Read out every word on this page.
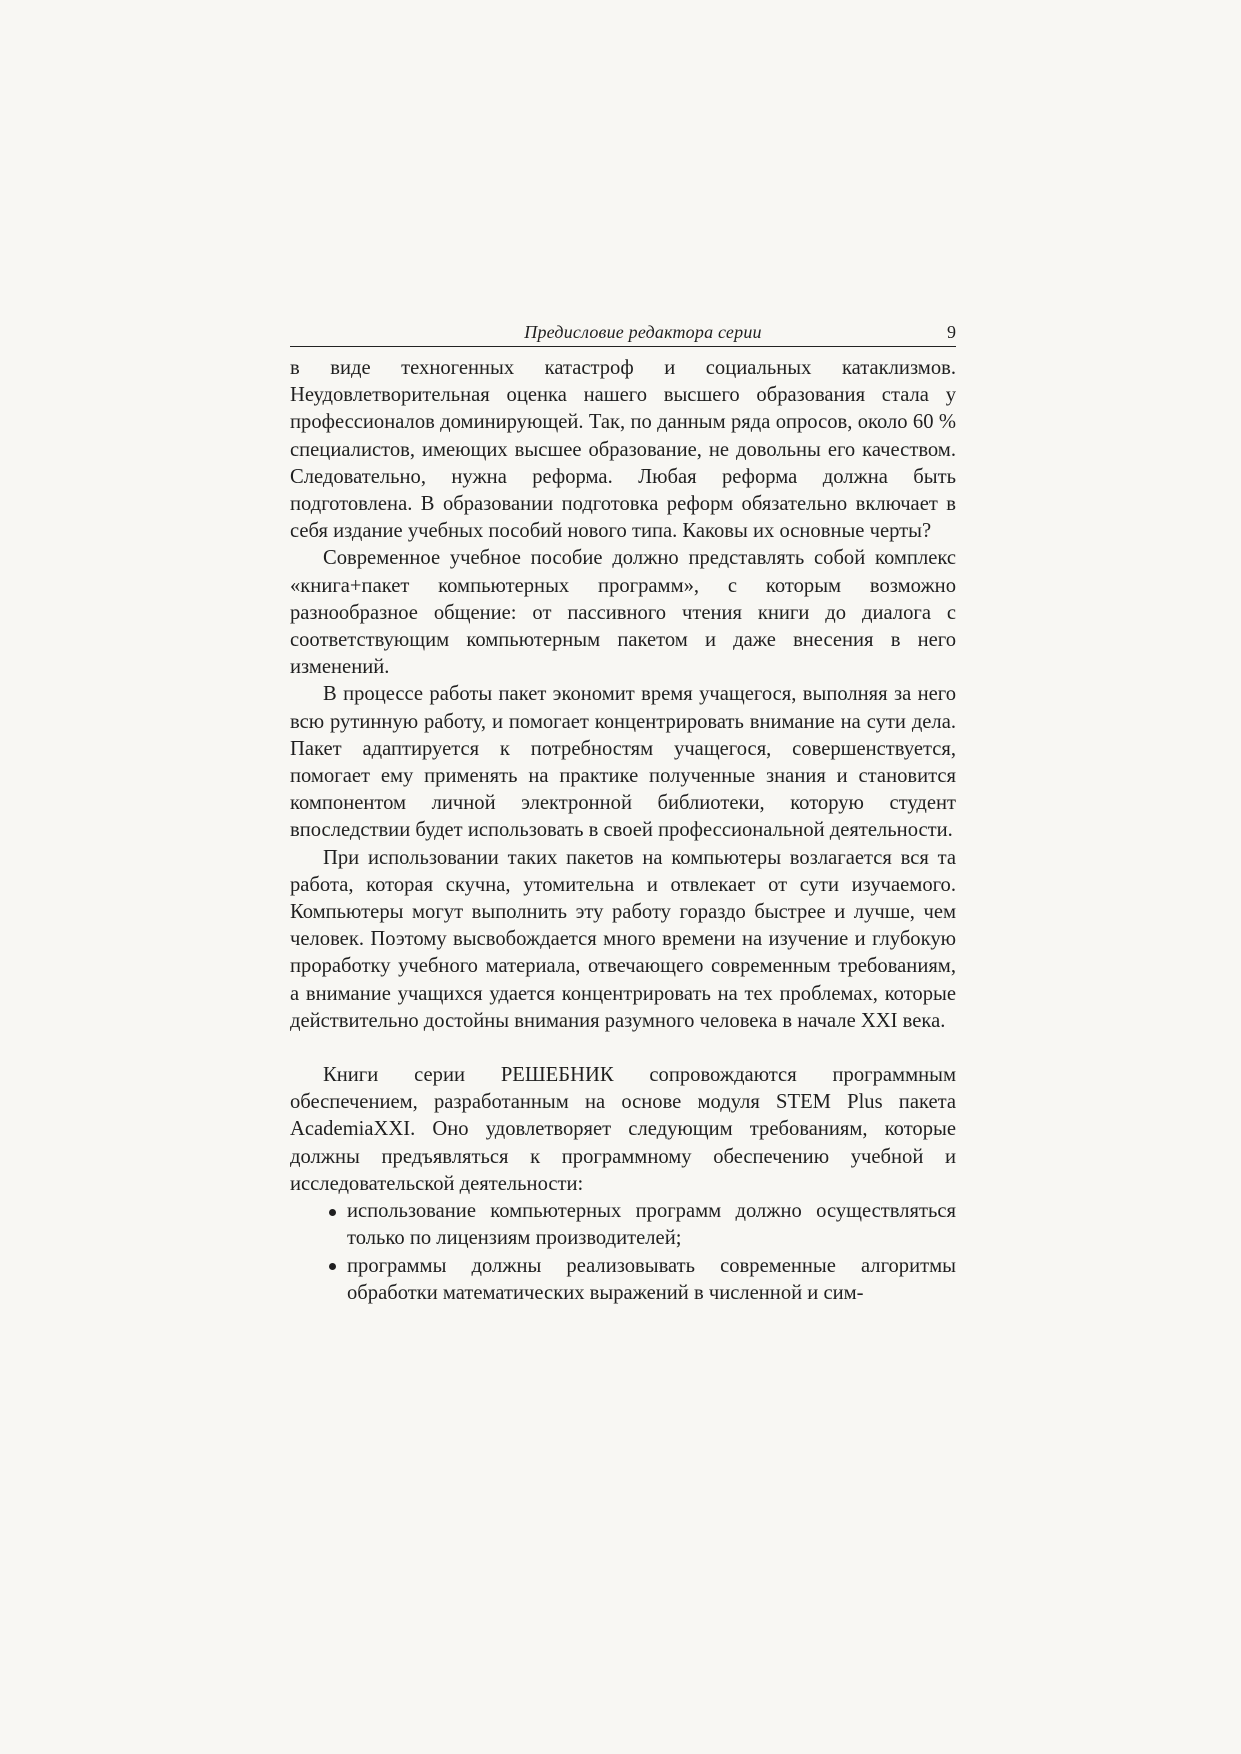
Предисловие редактора серии	9

в виде техногенных катастроф и социальных катаклизмов. Неудовлетворительная оценка нашего высшего образования стала у профессионалов доминирующей. Так, по данным ряда опросов, около 60 % специалистов, имеющих высшее образование, не довольны его качеством. Следовательно, нужна реформа. Любая реформа должна быть подготовлена. В образовании подготовка реформ обязательно включает в себя издание учебных пособий нового типа. Каковы их основные черты?

Современное учебное пособие должно представлять собой комплекс «книга+пакет компьютерных программ», с которым возможно разнообразное общение: от пассивного чтения книги до диалога с соответствующим компьютерным пакетом и даже внесения в него изменений.

В процессе работы пакет экономит время учащегося, выполняя за него всю рутинную работу, и помогает концентрировать внимание на сути дела. Пакет адаптируется к потребностям учащегося, совершенствуется, помогает ему применять на практике полученные знания и становится компонентом личной электронной библиотеки, которую студент впоследствии будет использовать в своей профессиональной деятельности.

При использовании таких пакетов на компьютеры возлагается вся та работа, которая скучна, утомительна и отвлекает от сути изучаемого. Компьютеры могут выполнить эту работу гораздо быстрее и лучше, чем человек. Поэтому высвобождается много времени на изучение и глубокую проработку учебного материала, отвечающего современным требованиям, а внимание учащихся удается концентрировать на тех проблемах, которые действительно достойны внимания разумного человека в начале XXI века.

Книги серии РЕШЕБНИК сопровождаются программным обеспечением, разработанным на основе модуля STEM Plus пакета AcademiaXXI. Оно удовлетворяет следующим требованиям, которые должны предъявляться к программному обеспечению учебной и исследовательской деятельности:

использование компьютерных программ должно осуществляться только по лицензиям производителей;
программы должны реализовывать современные алгоритмы обработки математических выражений в численной и сим-
